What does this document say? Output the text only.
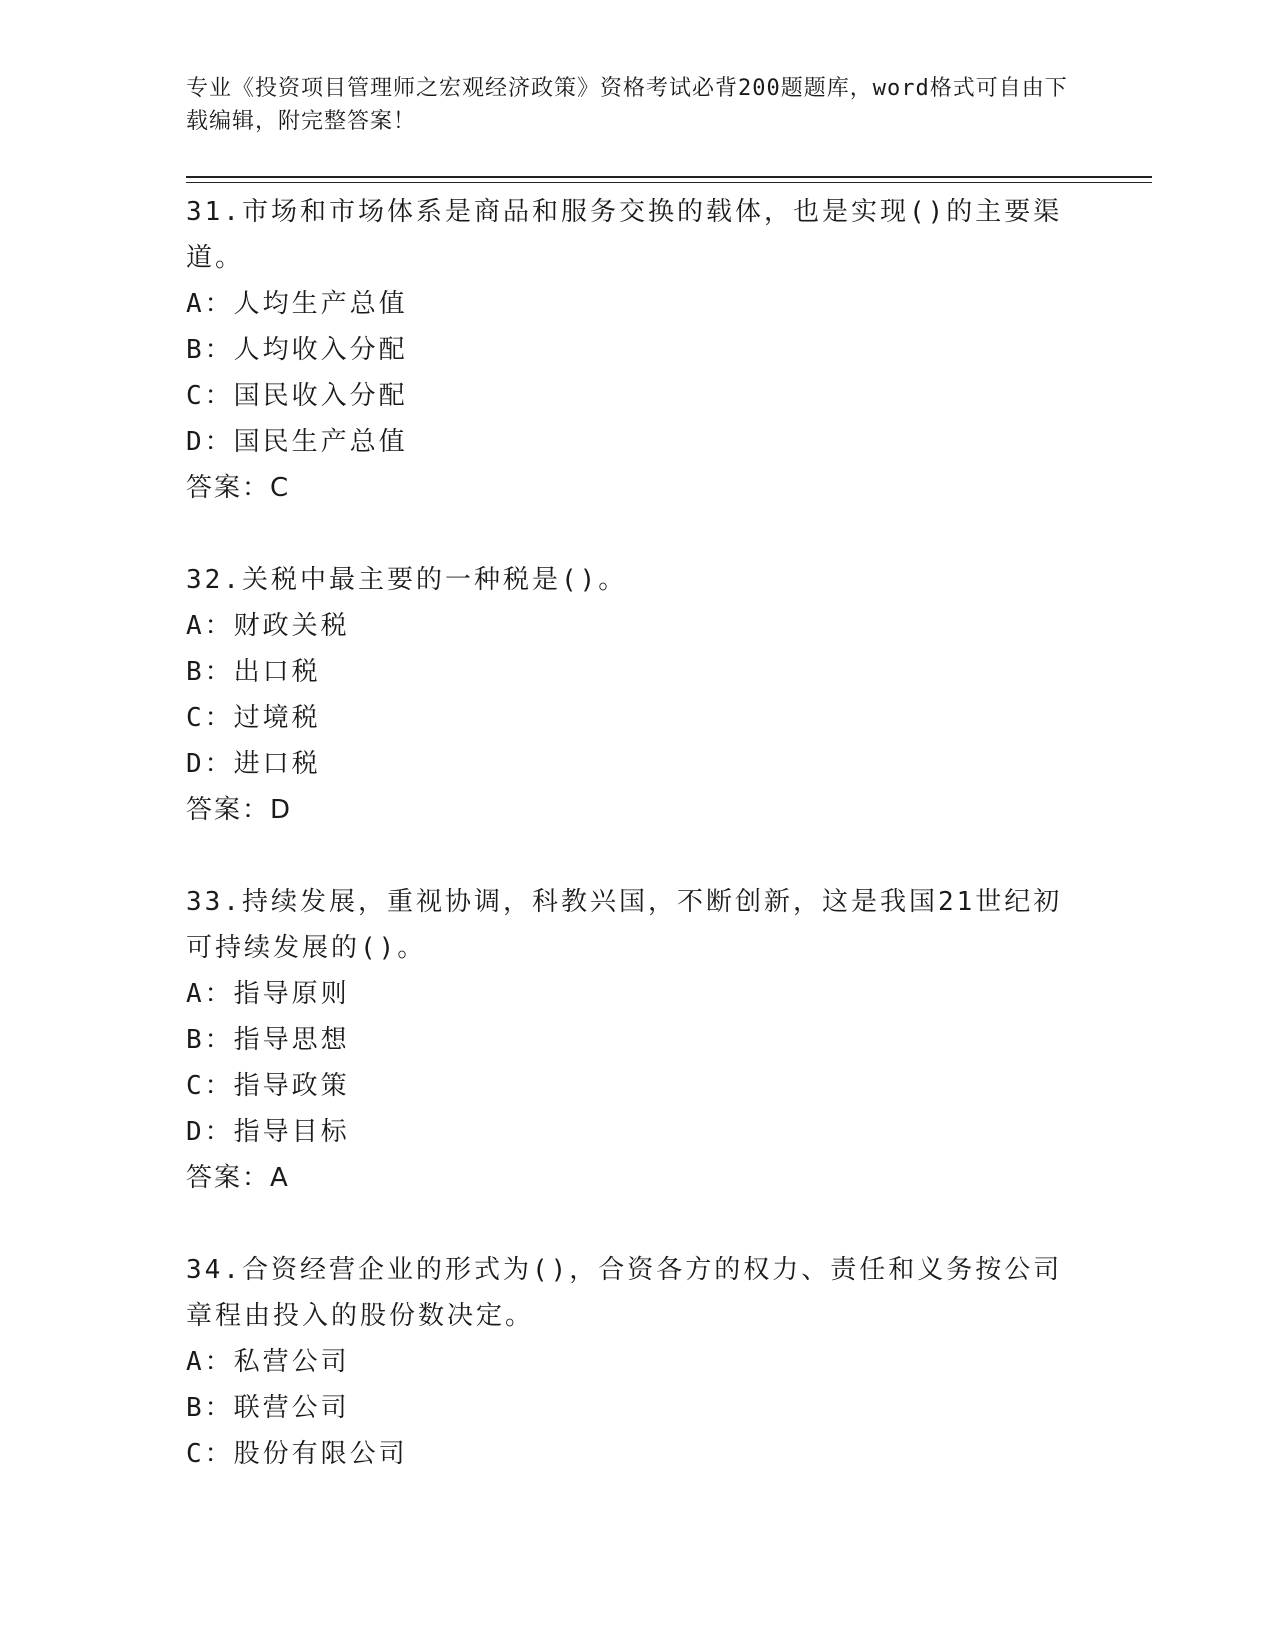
专业《投资项目管理师之宏观经济政策》资格考试必背200题题库，word格式可自由下载编辑，附完整答案！
31.市场和市场体系是商品和服务交换的载体，也是实现()的主要渠道。
A：人均生产总值
B：人均收入分配
C：国民收入分配
D：国民生产总值
答案：C
32.关税中最主要的一种税是()。
A：财政关税
B：出口税
C：过境税
D：进口税
答案：D
33.持续发展，重视协调，科教兴国，不断创新，这是我国21世纪初可持续发展的()。
A：指导原则
B：指导思想
C：指导政策
D：指导目标
答案：A
34.合资经营企业的形式为()，合资各方的权力、责任和义务按公司章程由投入的股份数决定。
A：私营公司
B：联营公司
C：股份有限公司
